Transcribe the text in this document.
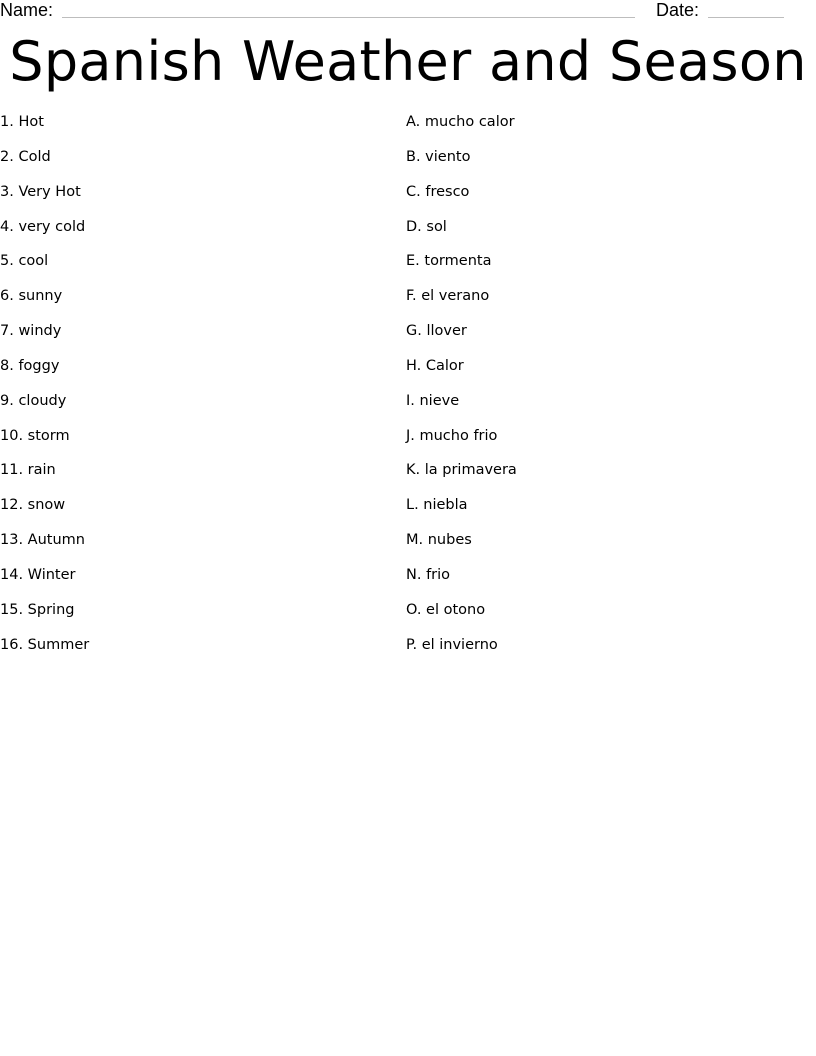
Name:	Date:
Spanish Weather and Season
1. Hot
2. Cold
3. Very Hot
4. very cold
5. cool
6. sunny
7. windy
8. foggy
9. cloudy
10. storm
11. rain
12. snow
13. Autumn
14. Winter
15. Spring
16. Summer
A. mucho calor
B. viento
C. fresco
D. sol
E. tormenta
F. el verano
G. llover
H. Calor
I. nieve
J. mucho frio
K. la primavera
L. niebla
M. nubes
N. frio
O. el otono
P. el invierno
